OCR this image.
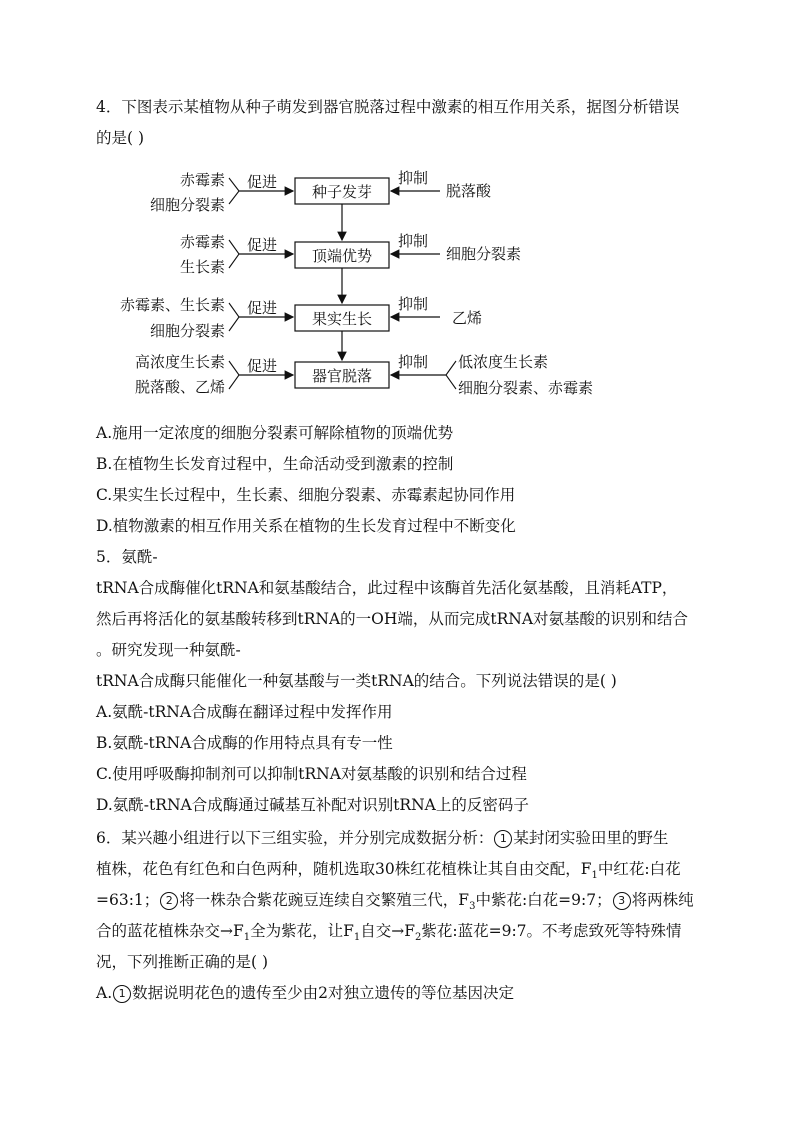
4．下图表示某植物从种子萌发到器官脱落过程中激素的相互作用关系，据图分析错误
的是( )
种子发芽
顶端优势
果实生长
器官脱落
赤霉素
细胞分裂素
促进	抑制
脱落酸
赤霉素
生长素
促进	抑制
细胞分裂素
赤霉素、生长素
细胞分裂素
促进	抑制
乙烯
高浓度生长素
脱落酸、乙烯
促进	抑制 低浓度生长素
细胞分裂素、赤霉素
A.施用一定浓度的细胞分裂素可解除植物的顶端优势
B.在植物生长发育过程中，生命活动受到激素的控制
C.果实生长过程中，生长素、细胞分裂素、赤霉素起协同作用
D.植物激素的相互作用关系在植物的生长发育过程中不断变化
5．氨酰-
tRNA合成酶催化tRNA和氨基酸结合，此过程中该酶首先活化氨基酸，且消耗ATP，
然后再将活化的氨基酸转移到tRNA的一OH端，从而完成tRNA对氨基酸的识别和结合
。研究发现一种氨酰-
tRNA合成酶只能催化一种氨基酸与一类tRNA的结合。下列说法错误的是( )
A.氨酰-tRNA合成酶在翻译过程中发挥作用
B.氨酰-tRNA合成酶的作用特点具有专一性
C.使用呼吸酶抑制剂可以抑制tRNA对氨基酸的识别和结合过程
D.氨酰-tRNA合成酶通过碱基互补配对识别tRNA上的反密码子
6．某兴趣小组进行以下三组实验，并分别完成数据分析： 1 某封闭实验田里的野生
植株，花色有红色和白色两种，随机选取30株红花植株让其自由交配，$F_1$中红花:白花
=63:1； 2 将一株杂合紫花豌豆连续自交繁殖三代，$F_3$中紫花:白花=9:7； 3 将两株纯
合的蓝花植株杂交$\to F_1$全为紫花，让$F_1$自交$\to F_2$紫花:蓝花=9:7。不考虑致死等特殊情
况，下列推断正确的是( )
A. 1 数据说明花色的遗传至少由2对独立遗传的等位基因决定
